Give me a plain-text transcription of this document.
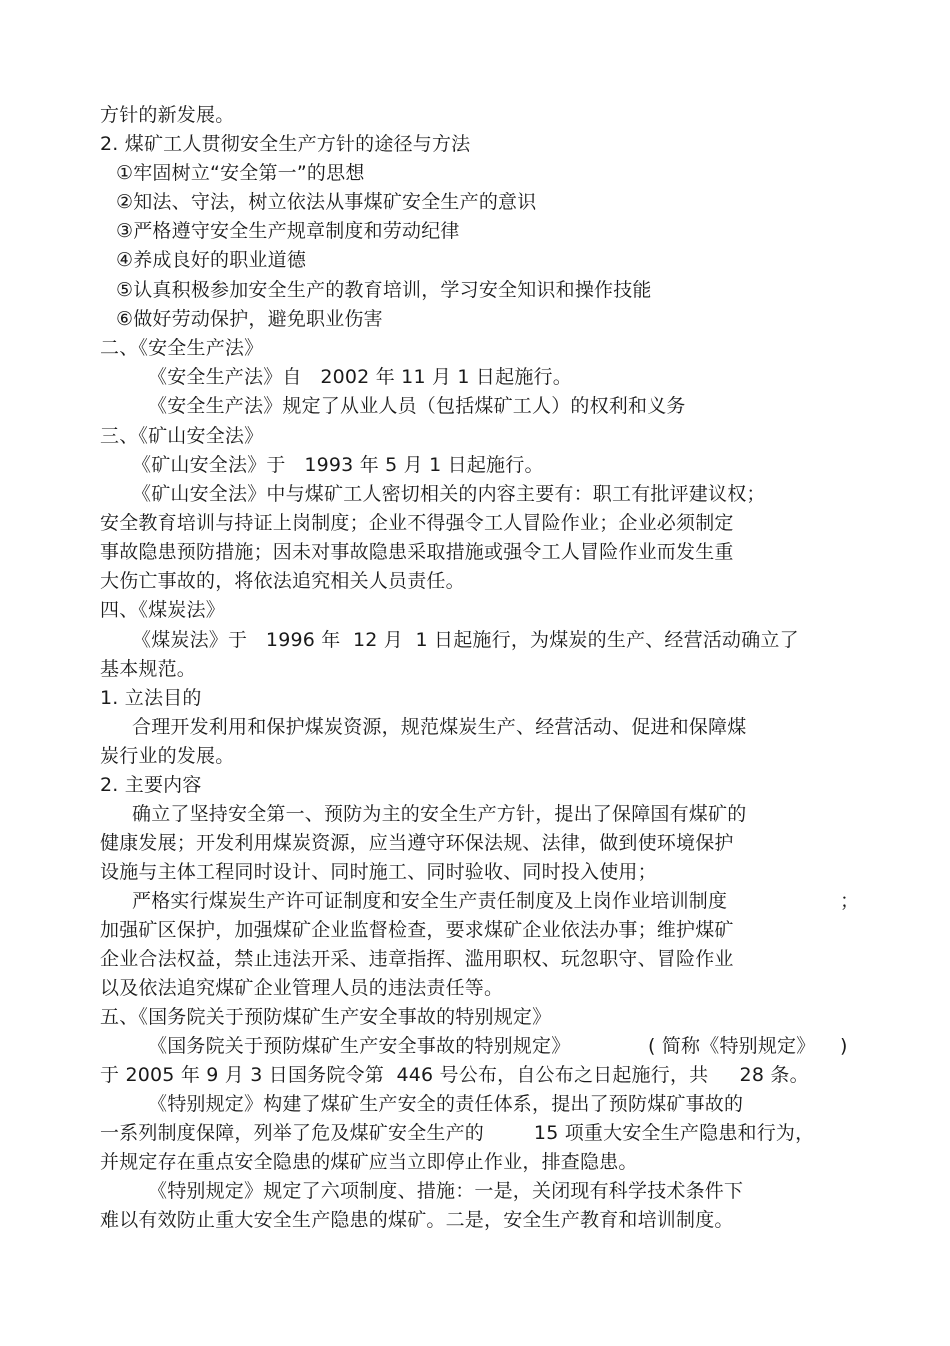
方针的新发展。
2. 煤矿工人贯彻安全生产方针的途径与方法
①牢固树立“安全第一”的思想
②知法、守法，树立依法从事煤矿安全生产的意识
③严格遵守安全生产规章制度和劳动纪律
④养成良好的职业道德
⑤认真积极参加安全生产的教育培训，学习安全知识和操作技能
⑥做好劳动保护，避免职业伤害
二、《安全生产法》
《安全生产法》自   2002 年 11 月 1 日起施行。
《安全生产法》规定了从业人员（包括煤矿工人）的权利和义务
三、《矿山安全法》
《矿山安全法》于   1993 年 5 月 1 日起施行。
《矿山安全法》中与煤矿工人密切相关的内容主要有：职工有批评建议权；
安全教育培训与持证上岗制度；企业不得强令工人冒险作业；企业必须制定
事故隐患预防措施；因未对事故隐患采取措施或强令工人冒险作业而发生重
大伤亡事故的，将依法追究相关人员责任。
四、《煤炭法》
《煤炭法》于   1996 年  12 月  1 日起施行，为煤炭的生产、经营活动确立了
基本规范。
1. 立法目的
合理开发利用和保护煤炭资源，规范煤炭生产、经营活动、促进和保障煤
炭行业的发展。
2. 主要内容
确立了坚持安全第一、预防为主的安全生产方针，提出了保障国有煤矿的
健康发展；开发利用煤炭资源，应当遵守环保法规、法律，做到使环境保护
设施与主体工程同时设计、同时施工、同时验收、同时投入使用；
严格实行煤炭生产许可证制度和安全生产责任制度及上岗作业培训制度	；
加强矿区保护，加强煤矿企业监督检查，要求煤矿企业依法办事；维护煤矿
企业合法权益，禁止违法开采、违章指挥、滥用职权、玩忽职守、冒险作业
以及依法追究煤矿企业管理人员的违法责任等。
五、《国务院关于预防煤矿生产安全事故的特别规定》
《国务院关于预防煤矿生产安全事故的特别规定》	( 简称《特别规定》 )
于 2005 年 9 月 3 日国务院令第  446 号公布，自公布之日起施行，共     28 条。
《特别规定》构建了煤矿生产安全的责任体系，提出了预防煤矿事故的
一系列制度保障，列举了危及煤矿安全生产的        15 项重大安全生产隐患和行为，
并规定存在重点安全隐患的煤矿应当立即停止作业，排查隐患。
《特别规定》规定了六项制度、措施：一是，关闭现有科学技术条件下
难以有效防止重大安全生产隐患的煤矿。二是，安全生产教育和培训制度。
